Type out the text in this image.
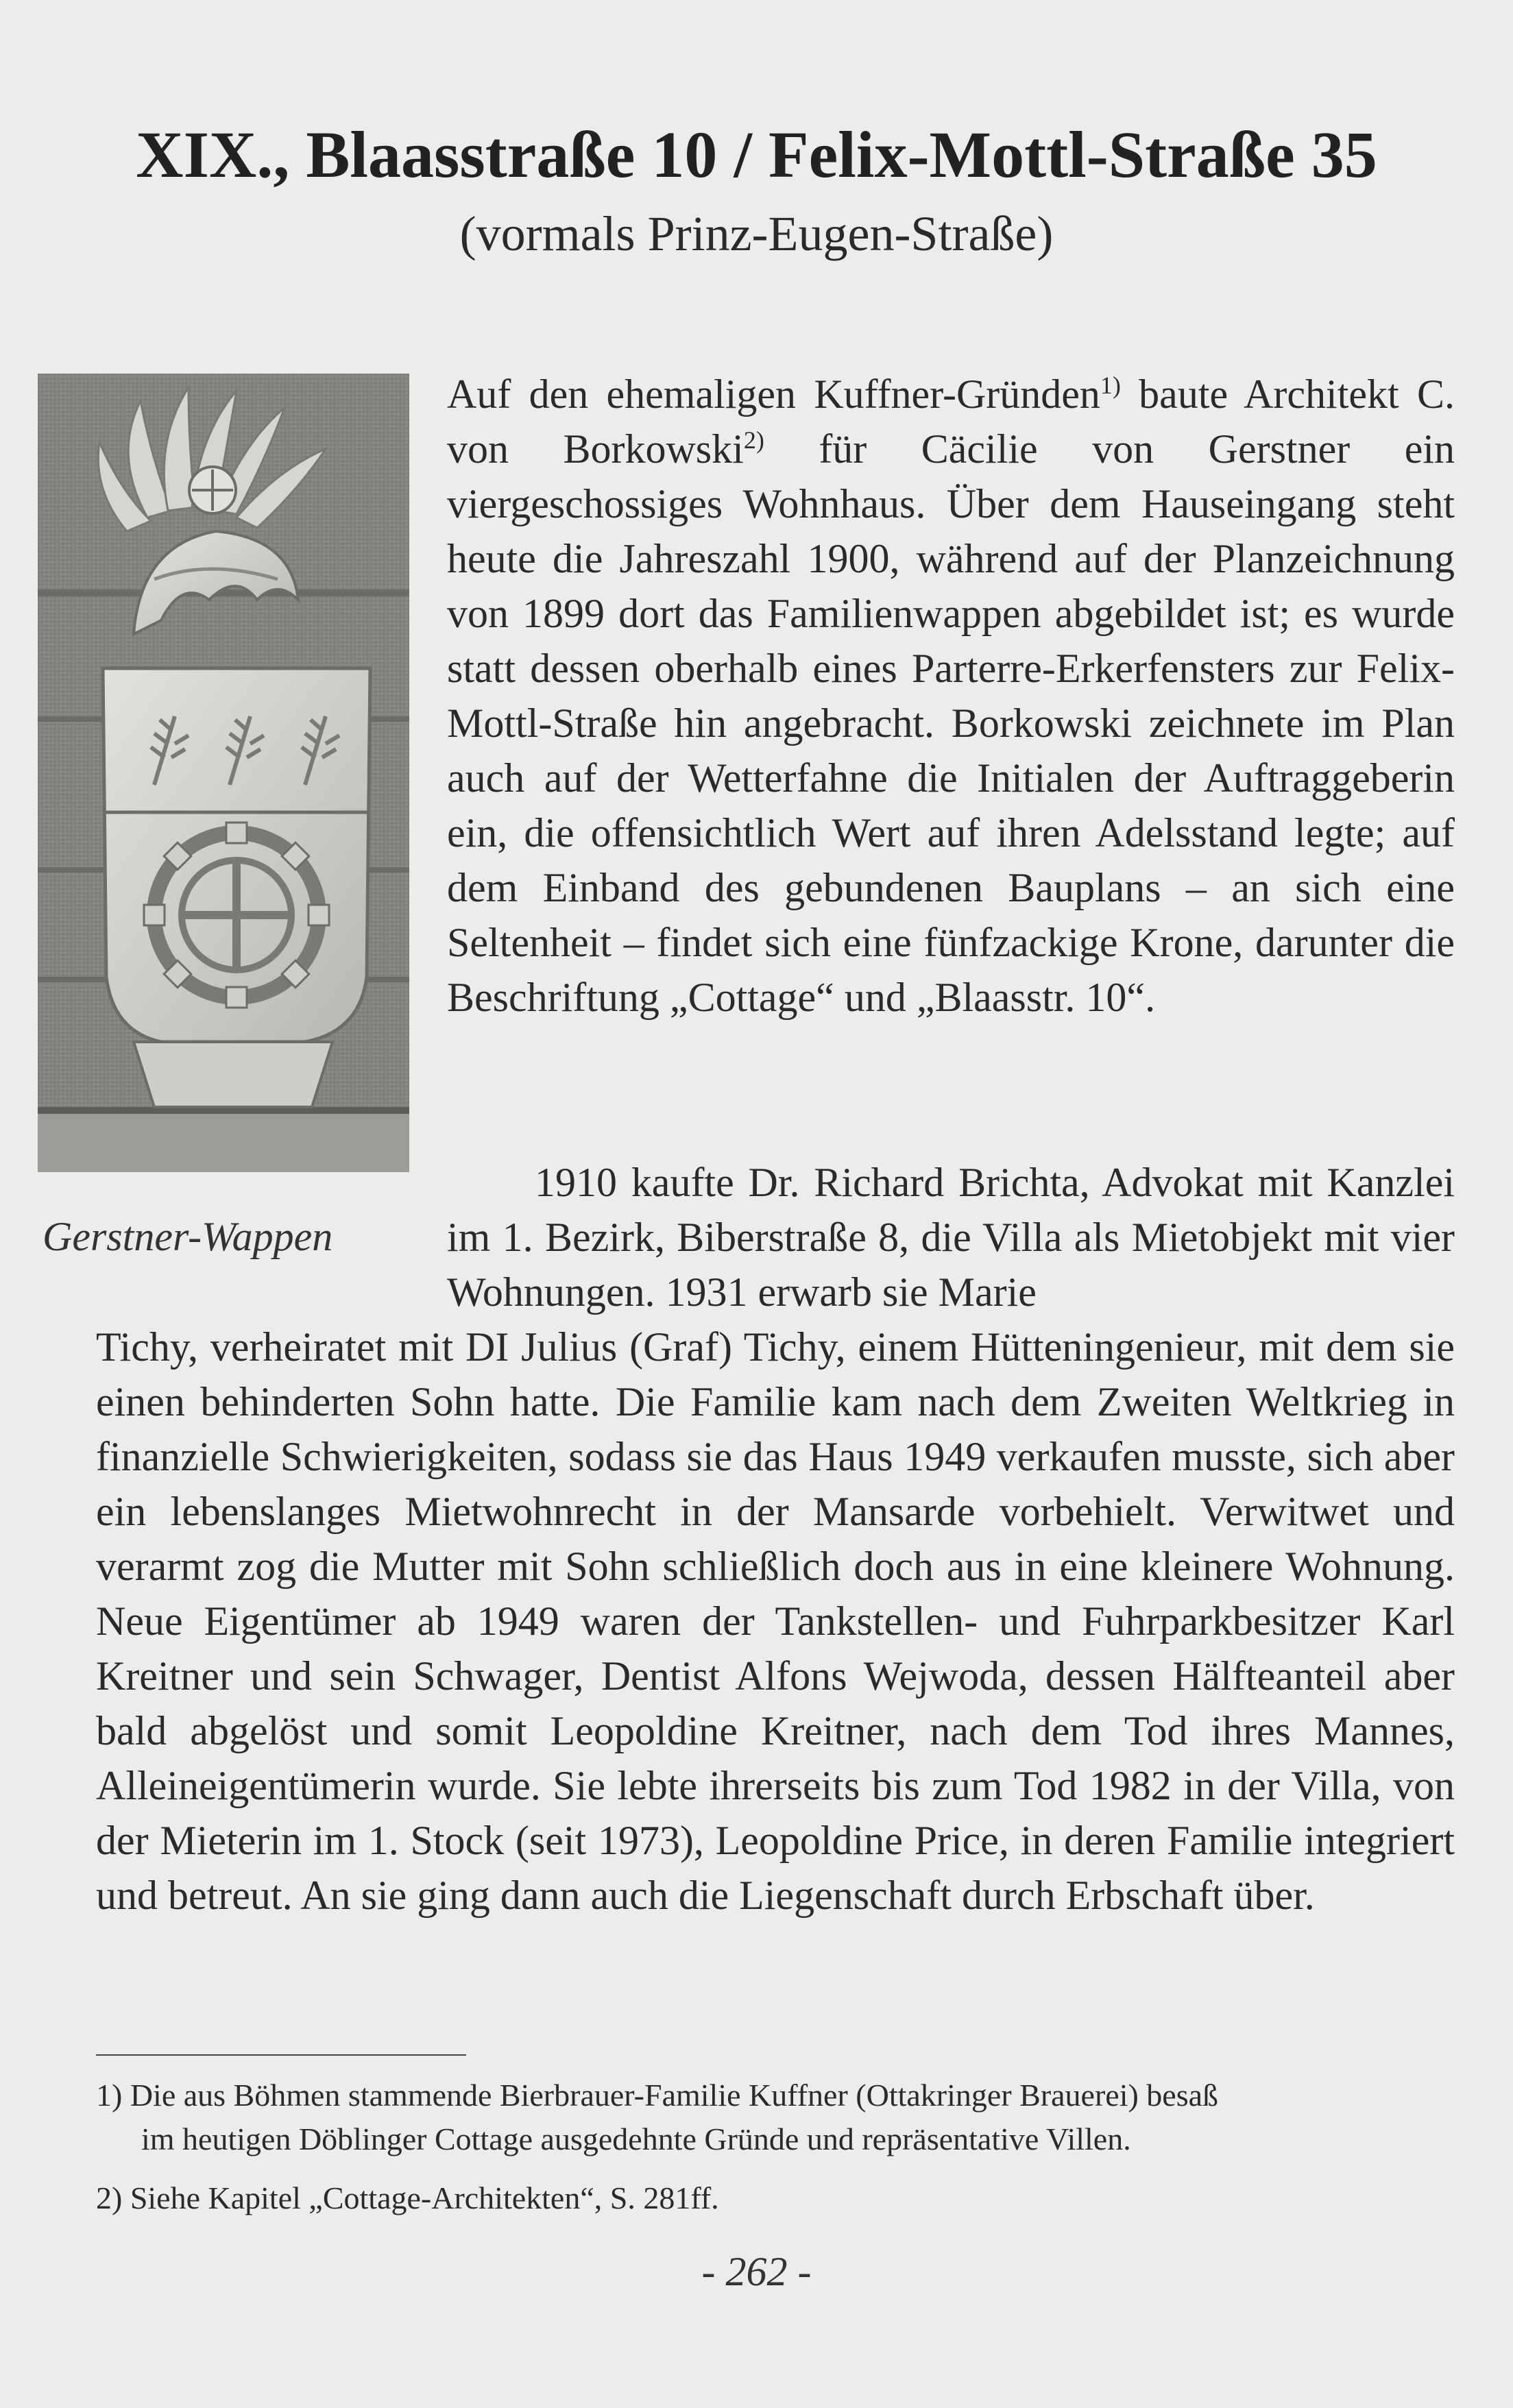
XIX., Blaasstraße 10 / Felix-Mottl-Straße 35
(vormals Prinz-Eugen-Straße)
Gerstner-Wappen
Auf den ehemaligen Kuffner-Gründen$^{1)}$ baute Architekt C. von Borkowski$^{2)}$ für Cäcilie von Gerstner ein viergeschossiges Wohnhaus. Über dem Hauseingang steht heute die Jahreszahl 1900, während auf der Planzeichnung von 1899 dort das Familienwappen abgebildet ist; es wurde statt dessen oberhalb eines Parterre-Erkerfensters zur Felix-Mottl-Straße hin angebracht. Borkowski zeichnete im Plan auch auf der Wetterfahne die Initialen der Auftraggeberin ein, die offensichtlich Wert auf ihren Adelsstand legte; auf dem Einband des gebundenen Bauplans – an sich eine Seltenheit – findet sich eine fünfzackige Krone, darunter die Beschriftung „Cottage“ und „Blaasstr. 10“.
1910 kaufte Dr. Richard Brichta, Advokat mit Kanzlei im 1. Bezirk, Biberstraße 8, die Villa als Mietobjekt mit vier Wohnungen. 1931 erwarb sie Marie
Tichy, verheiratet mit DI Julius (Graf) Tichy, einem Hütteningenieur, mit dem sie einen behinderten Sohn hatte. Die Familie kam nach dem Zweiten Weltkrieg in finanzielle Schwierigkeiten, sodass sie das Haus 1949 verkaufen musste, sich aber ein lebenslanges Mietwohnrecht in der Mansarde vorbehielt. Verwitwet und verarmt zog die Mutter mit Sohn schließlich doch aus in eine kleinere Wohnung. Neue Eigentümer ab 1949 waren der Tankstellen- und Fuhrparkbesitzer Karl Kreitner und sein Schwager, Dentist Alfons Wejwoda, dessen Hälfteanteil aber bald abgelöst und somit Leopoldine Kreitner, nach dem Tod ihres Mannes, Alleineigentümerin wurde. Sie lebte ihrerseits bis zum Tod 1982 in der Villa, von der Mieterin im 1. Stock (seit 1973), Leopoldine Price, in deren Familie integriert und betreut. An sie ging dann auch die Liegenschaft durch Erbschaft über.
1) Die aus Böhmen stammende Bierbrauer-Familie Kuffner (Ottakringer Brauerei) besaß
im heutigen Döblinger Cottage ausgedehnte Gründe und repräsentative Villen.
2) Siehe Kapitel „Cottage-Architekten“, S. 281ff.
- 262 -
